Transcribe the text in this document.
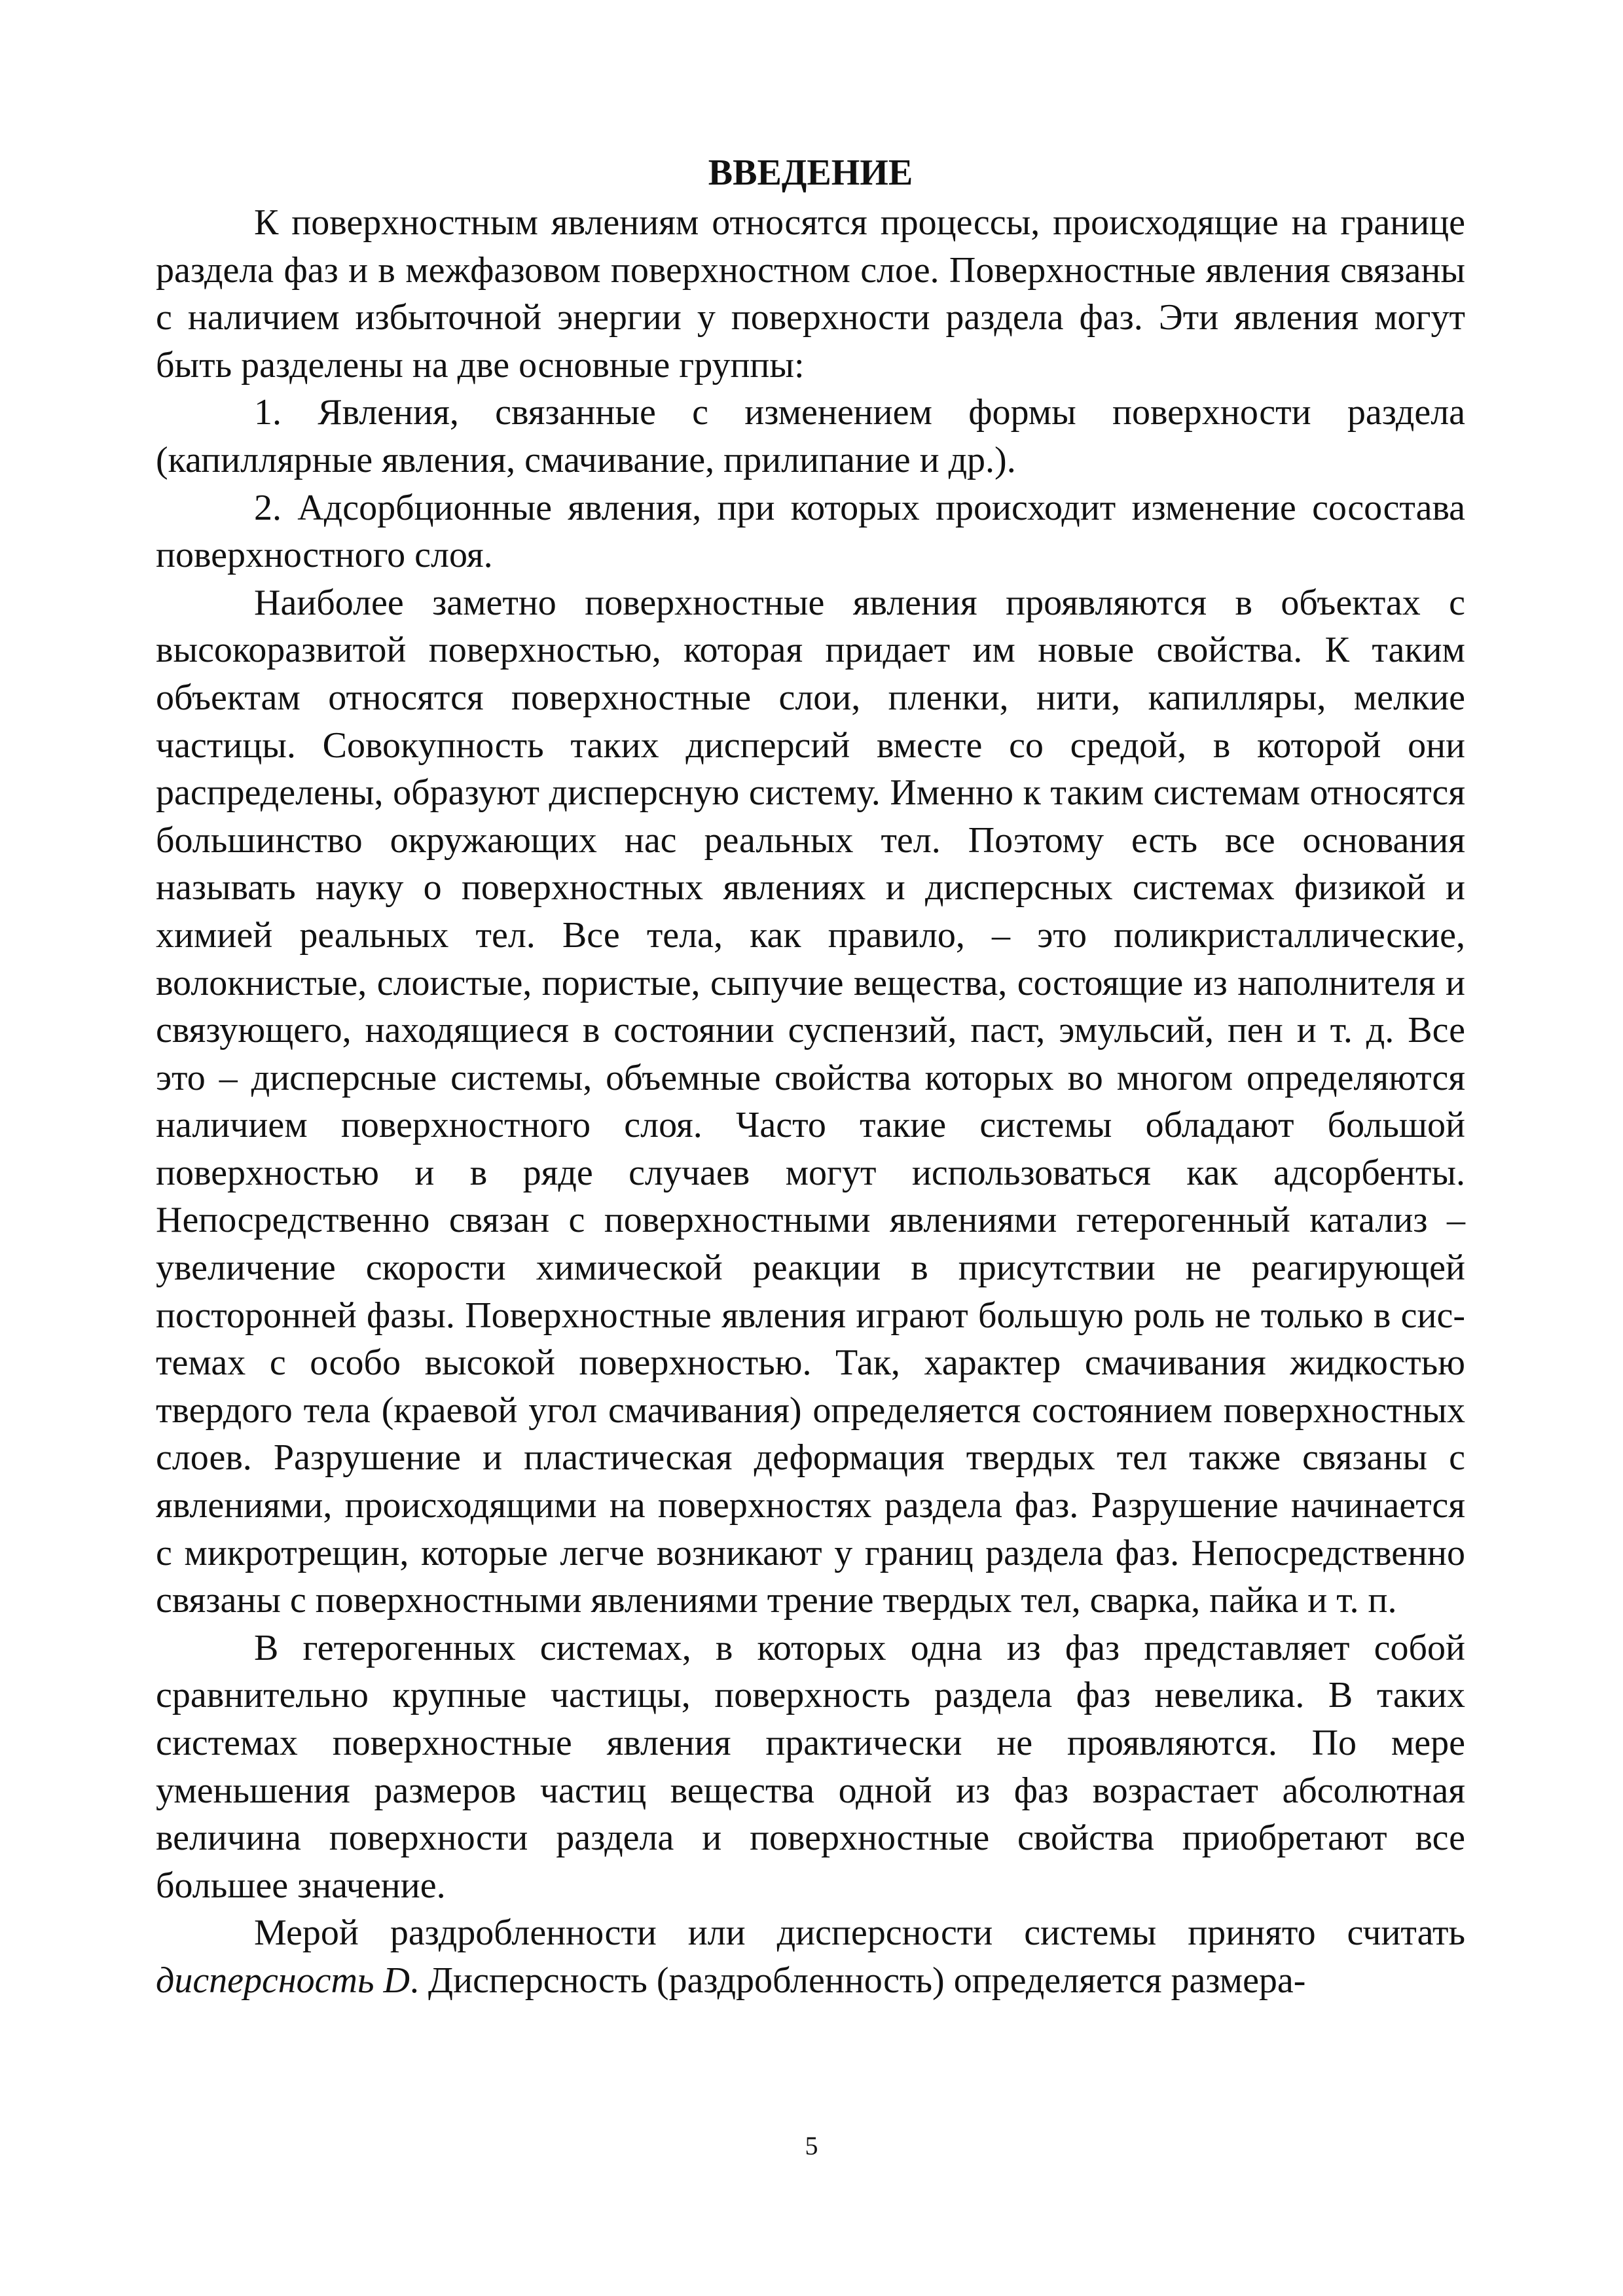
ВВЕДЕНИЕ

К поверхностным явлениям относятся процессы, происходящие на границе раздела фаз и в межфазовом поверхностном слое. Поверхностные явления связаны с наличием избыточной энергии у поверхности раздела фаз. Эти явления могут быть разделены на две основные группы:

1. Явления, связанные с изменением формы поверхности раздела (капиллярные явления, смачивание, прилипание и др.).

2. Адсорбционные явления, при которых происходит изменение сосостава поверхностного слоя.

Наиболее заметно поверхностные явления проявляются в объектах с высокоразвитой поверхностью, которая придает им новые свойства. К таким объектам относятся поверхностные слои, пленки, нити, капилляры, мелкие частицы. Совокупность таких дисперсий вместе со средой, в которой они распределены, образуют дисперсную систему. Именно к таким системам относятся большинство окружающих нас реальных тел. Поэтому есть все основания называть науку о поверхностных явлениях и дисперсных системах физикой и химией реальных тел. Все тела, как правило, – это поликристаллические, волокнистые, слоистые, пористые, сыпучие вещества, состоящие из наполнителя и связующего, находящиеся в состоянии суспензий, паст, эмульсий, пен и т. д. Все это – дисперсные системы, объемные свойства которых во многом определяются наличием поверхностного слоя. Часто такие системы обладают большой поверхностью и в ряде случаев могут использоваться как адсорбенты. Непосредственно связан с поверхностными явлениями гетерогенный катализ – увеличение скорости химической реакции в присутствии не реагирующей посторонней фазы. Поверхностные явления играют большую роль не только в системах с особо высокой поверхностью. Так, характер смачивания жидкостью твердого тела (краевой угол смачивания) определяется состоянием поверхностных слоев. Разрушение и пластическая деформация твердых тел также связаны с явлениями, происходящими на поверхностях раздела фаз. Разрушение начинается с микротрещин, которые легче возникают у границ раздела фаз. Непосредственно связаны с поверхностными явлениями трение твердых тел, сварка, пайка и т. п.

В гетерогенных системах, в которых одна из фаз представляет собой сравнительно крупные частицы, поверхность раздела фаз невелика. В таких системах поверхностные явления практически не проявляются. По мере уменьшения размеров частиц вещества одной из фаз возрастает абсолютная величина поверхности раздела и поверхностные свойства приобретают все большее значение.

Мерой раздробленности или дисперсности системы принято считать дисперсность D. Дисперсность (раздробленность) определяется размера-

5
